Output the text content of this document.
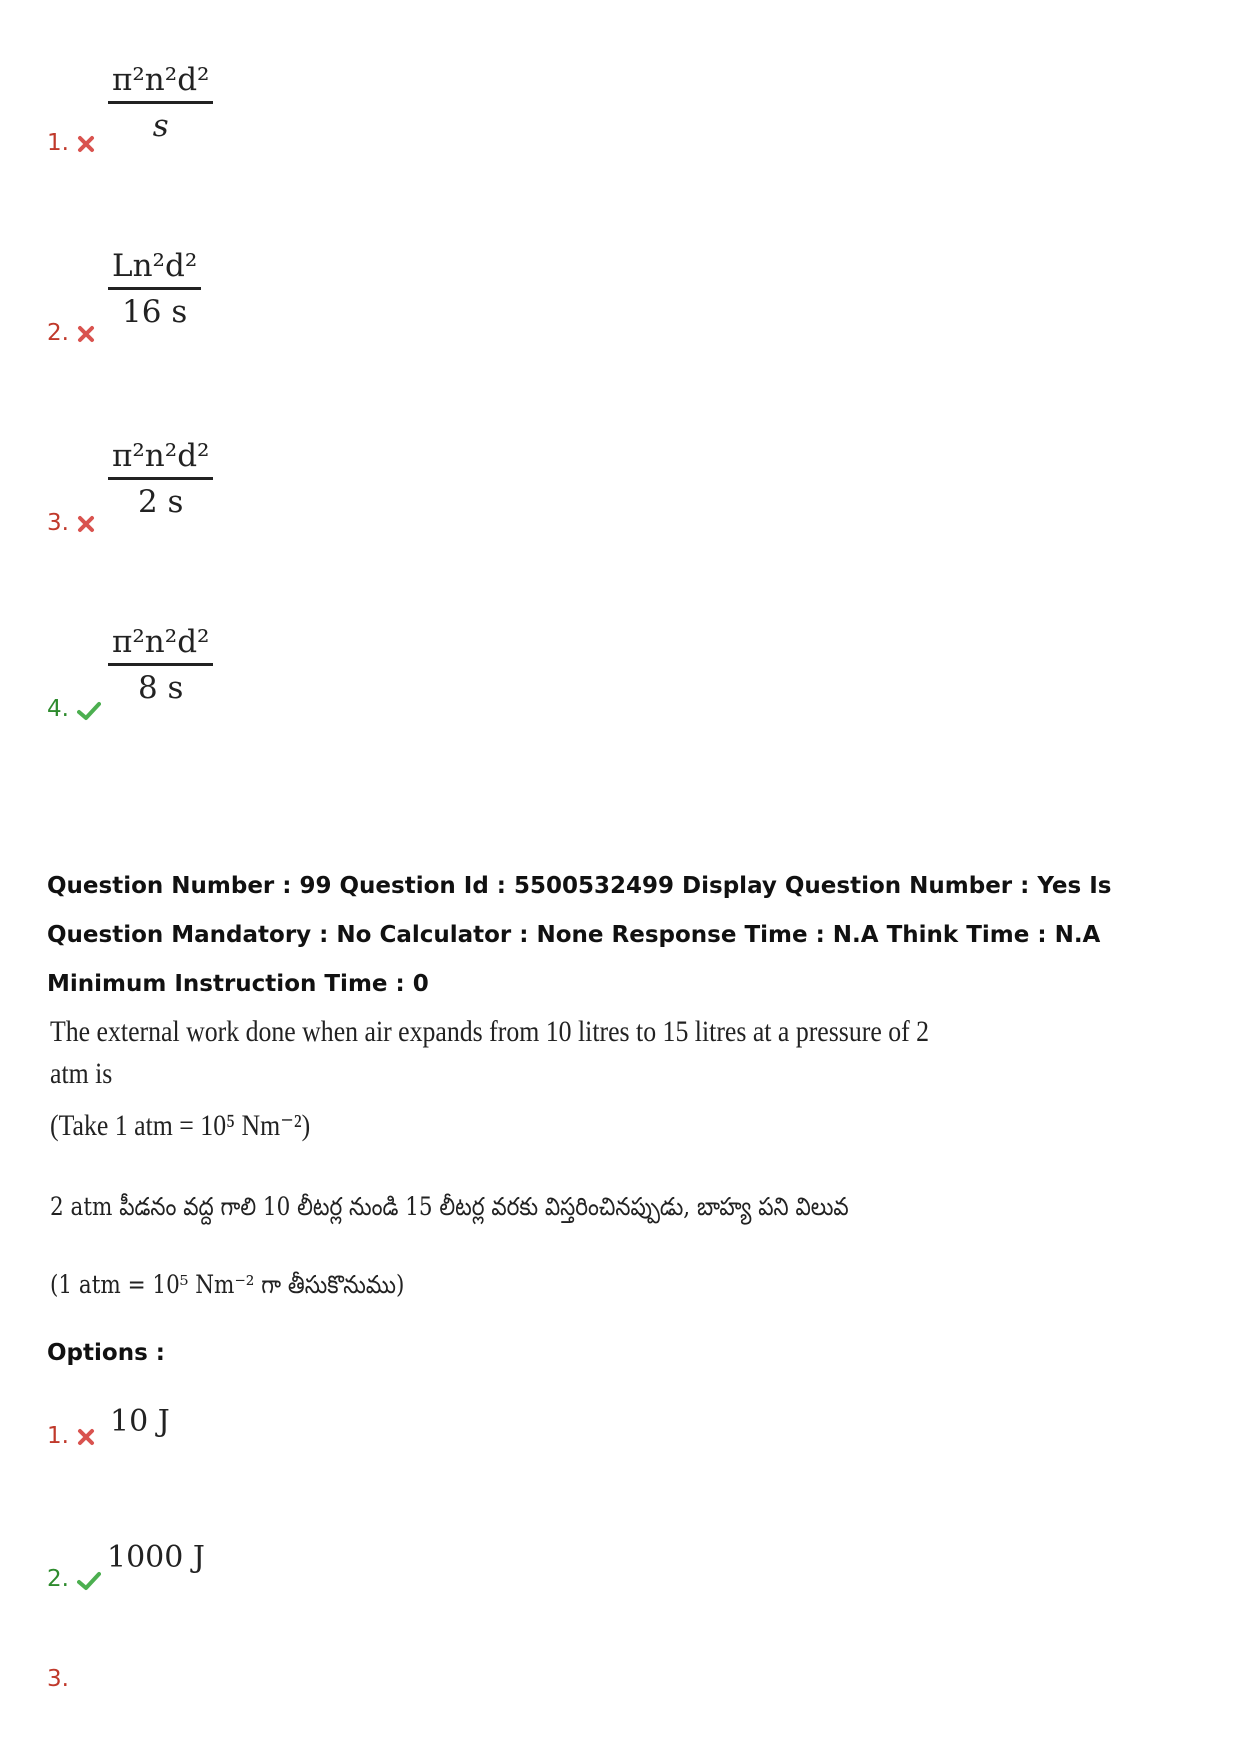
1. $\frac{\text{π²n²d²}}{s}$
2.
$\frac{\text{Ln²d²}}{16 s}$
3.
$\frac{\text{π²n²d²}}{2 s}$
4.
$\frac{\text{π²n²d²}}{8 s}$
Question Number : 99 Question Id : 5500532499 Display Question Number : Yes Is Question Mandatory : No Calculator : None Response Time : N.A Think Time : N.A Minimum Instruction Time : 0
The external work done when air expands from 10 litres to 15 litres at a pressure of 2
atm is
(Take 1 atm = 10⁵ Nm⁻²)
2 atm పీడనం వద్ద గాలి 10 లీటర్ల నుండి 15 లీటర్ల వరకు విస్తరించినప్పుడు, బాహ్య పని విలువ
(1 atm = 10⁵ Nm⁻² గా తీసుకొనుము)
Options :
1. 10 J
2.
1000 J
3.
